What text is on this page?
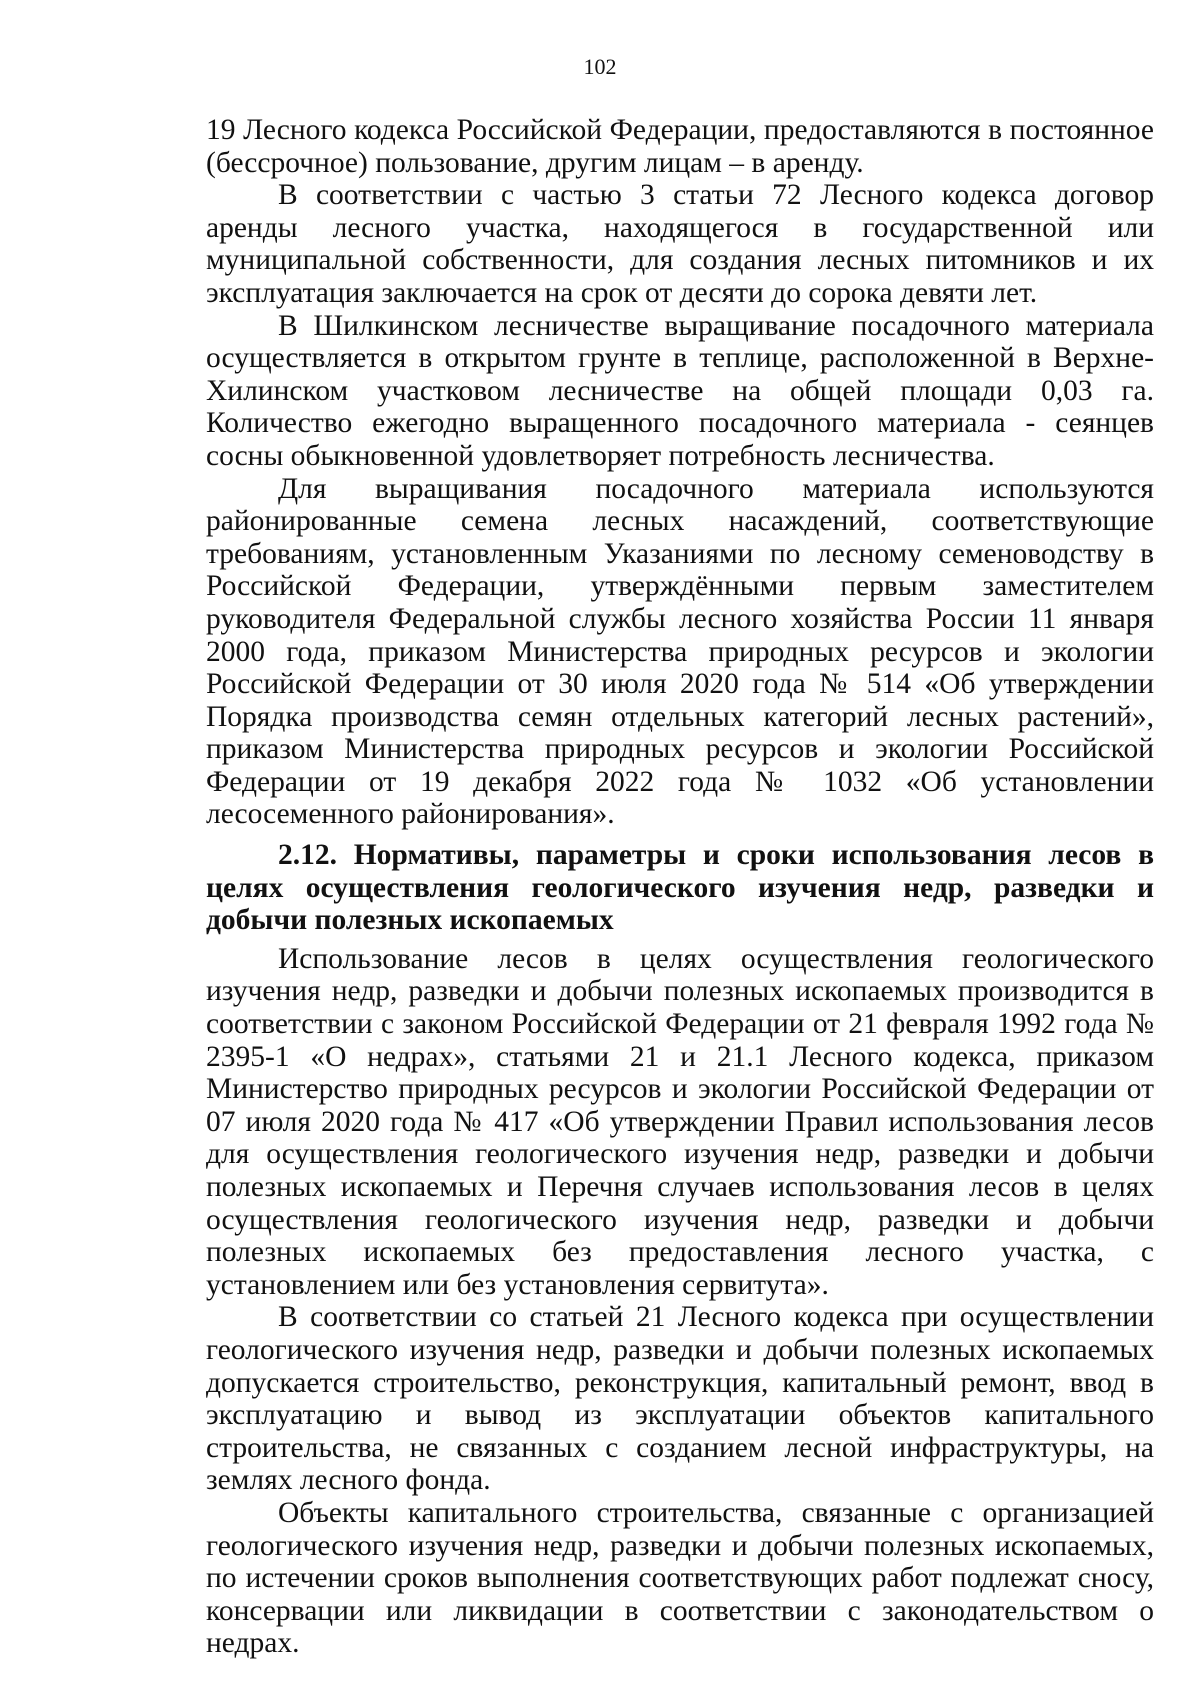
102

19 Лесного кодекса Российской Федерации, предоставляются в постоянное (бессрочное) пользование, другим лицам – в аренду.

В соответствии с частью 3 статьи 72 Лесного кодекса договор аренды лесного участка, находящегося в государственной или муниципальной собственности, для создания лесных питомников и их эксплуатация заключается на срок от десяти до сорока девяти лет.

В Шилкинском лесничестве выращивание посадочного материала осуществляется в открытом грунте в теплице, расположенной в Верхне-Хилинском участковом лесничестве на общей площади 0,03 га. Количество ежегодно выращенного посадочного материала - сеянцев сосны обыкновенной удовлетворяет потребность лесничества.

Для выращивания посадочного материала используются районированные семена лесных насаждений, соответствующие требованиям, установленным Указаниями по лесному семеноводству в Российской Федерации, утверждёнными первым заместителем руководителя Федеральной службы лесного хозяйства России 11 января 2000 года, приказом Министерства природных ресурсов и экологии Российской Федерации от 30 июля 2020 года № 514 «Об утверждении Порядка производства семян отдельных категорий лесных растений», приказом Министерства природных ресурсов и экологии Российской Федерации от 19 декабря 2022 года № 1032 «Об установлении лесосеменного районирования».

2.12. Нормативы, параметры и сроки использования лесов в целях осуществления геологического изучения недр, разведки и добычи полезных ископаемых

Использование лесов в целях осуществления геологического изучения недр, разведки и добычи полезных ископаемых производится в соответствии с законом Российской Федерации от 21 февраля 1992 года № 2395-1 «О недрах», статьями 21 и 21.1 Лесного кодекса, приказом Министерство природных ресурсов и экологии Российской Федерации от 07 июля 2020 года № 417 «Об утверждении Правил использования лесов для осуществления геологического изучения недр, разведки и добычи полезных ископаемых и Перечня случаев использования лесов в целях осуществления геологического изучения недр, разведки и добычи полезных ископаемых без предоставления лесного участка, с установлением или без установления сервитута».

В соответствии со статьей 21 Лесного кодекса при осуществлении геологического изучения недр, разведки и добычи полезных ископаемых допускается строительство, реконструкция, капитальный ремонт, ввод в эксплуатацию и вывод из эксплуатации объектов капитального строительства, не связанных с созданием лесной инфраструктуры, на землях лесного фонда.

Объекты капитального строительства, связанные с организацией геологического изучения недр, разведки и добычи полезных ископаемых, по истечении сроков выполнения соответствующих работ подлежат сносу, консервации или ликвидации в соответствии с законодательством о недрах.
